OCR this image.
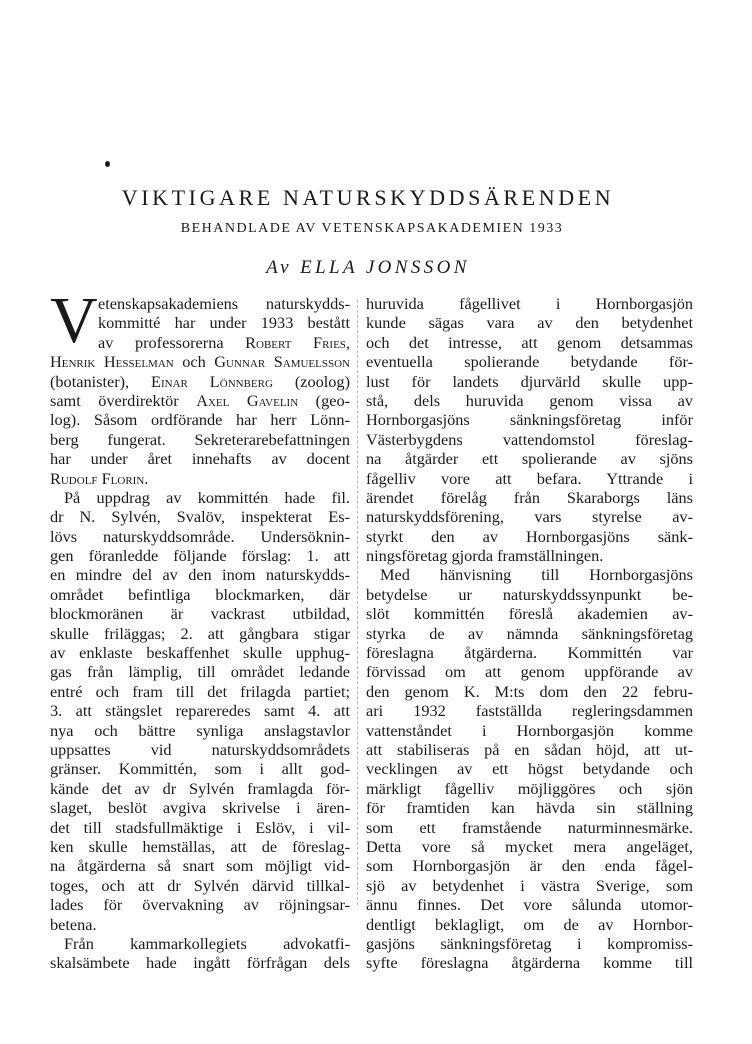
VIKTIGARE NATURSKYDDSÄRENDEN
BEHANDLADE AV VETENSKAPSAKADEMIEN 1933
Av ELLA JONSSON
V etenskapsakademiens naturskydds-
kommitté har under 1933 bestått
av professorerna Robert Fries,
Henrik Hesselman och Gunnar Samuelsson
(botanister), Einar Lönnberg (zoolog)
samt överdirektör Axel Gavelin (geo-
log). Såsom ordförande har herr Lönn-
berg fungerat. Sekreterarebefattningen
har under året innehafts av docent
Rudolf Florin.
På uppdrag av kommittén hade fil.
dr N. Sylvén, Svalöv, inspekterat Es-
lövs naturskyddsområde. Undersöknin-
gen föranledde följande förslag: 1. att
en mindre del av den inom naturskydds-
området befintliga blockmarken, där
blockmoränen är vackrast utbildad,
skulle friläggas; 2. att gångbara stigar
av enklaste beskaffenhet skulle upphug-
gas från lämplig, till området ledande
entré och fram till det frilagda partiet;
3. att stängslet repareredes samt 4. att
nya och bättre synliga anslagstavlor
uppsattes vid naturskyddsområdets
gränser. Kommittén, som i allt god-
kände det av dr Sylvén framlagda för-
slaget, beslöt avgiva skrivelse i ären-
det till stadsfullmäktige i Eslöv, i vil-
ken skulle hemställas, att de föreslag-
na åtgärderna så snart som möjligt vid-
toges, och att dr Sylvén därvid tillkal-
lades för övervakning av röjningsar-
betena.
Från kammarkollegiets advokatfi-
skalsämbete hade ingått förfrågan dels
huruvida fågellivet i Hornborgasjön
kunde sägas vara av den betydenhet
och det intresse, att genom detsammas
eventuella spolierande betydande för-
lust för landets djurvärld skulle upp-
stå, dels huruvida genom vissa av
Hornborgasjöns sänkningsföretag inför
Västerbygdens vattendomstol föreslag-
na åtgärder ett spolierande av sjöns
fågelliv vore att befara. Yttrande i
ärendet förelåg från Skaraborgs läns
naturskyddsförening, vars styrelse av-
styrkt den av Hornborgasjöns sänk-
ningsföretag gjorda framställningen.
Med hänvisning till Hornborgasjöns
betydelse ur naturskyddssynpunkt be-
slöt kommittén föreslå akademien av-
styrka de av nämnda sänkningsföretag
föreslagna åtgärderna. Kommittén var
förvissad om att genom uppförande av
den genom K. M:ts dom den 22 febru-
ari 1932 fastställda regleringsdammen
vattenståndet i Hornborgasjön komme
att stabiliseras på en sådan höjd, att ut-
vecklingen av ett högst betydande och
märkligt fågelliv möjliggöres och sjön
för framtiden kan hävda sin ställning
som ett framstående naturminnesmärke.
Detta vore så mycket mera angeläget,
som Hornborgasjön är den enda fågel-
sjö av betydenhet i västra Sverige, som
ännu finnes. Det vore sålunda utomor-
dentligt beklagligt, om de av Hornbor-
gasjöns sänkningsföretag i kompromiss-
syfte föreslagna åtgärderna komme till
